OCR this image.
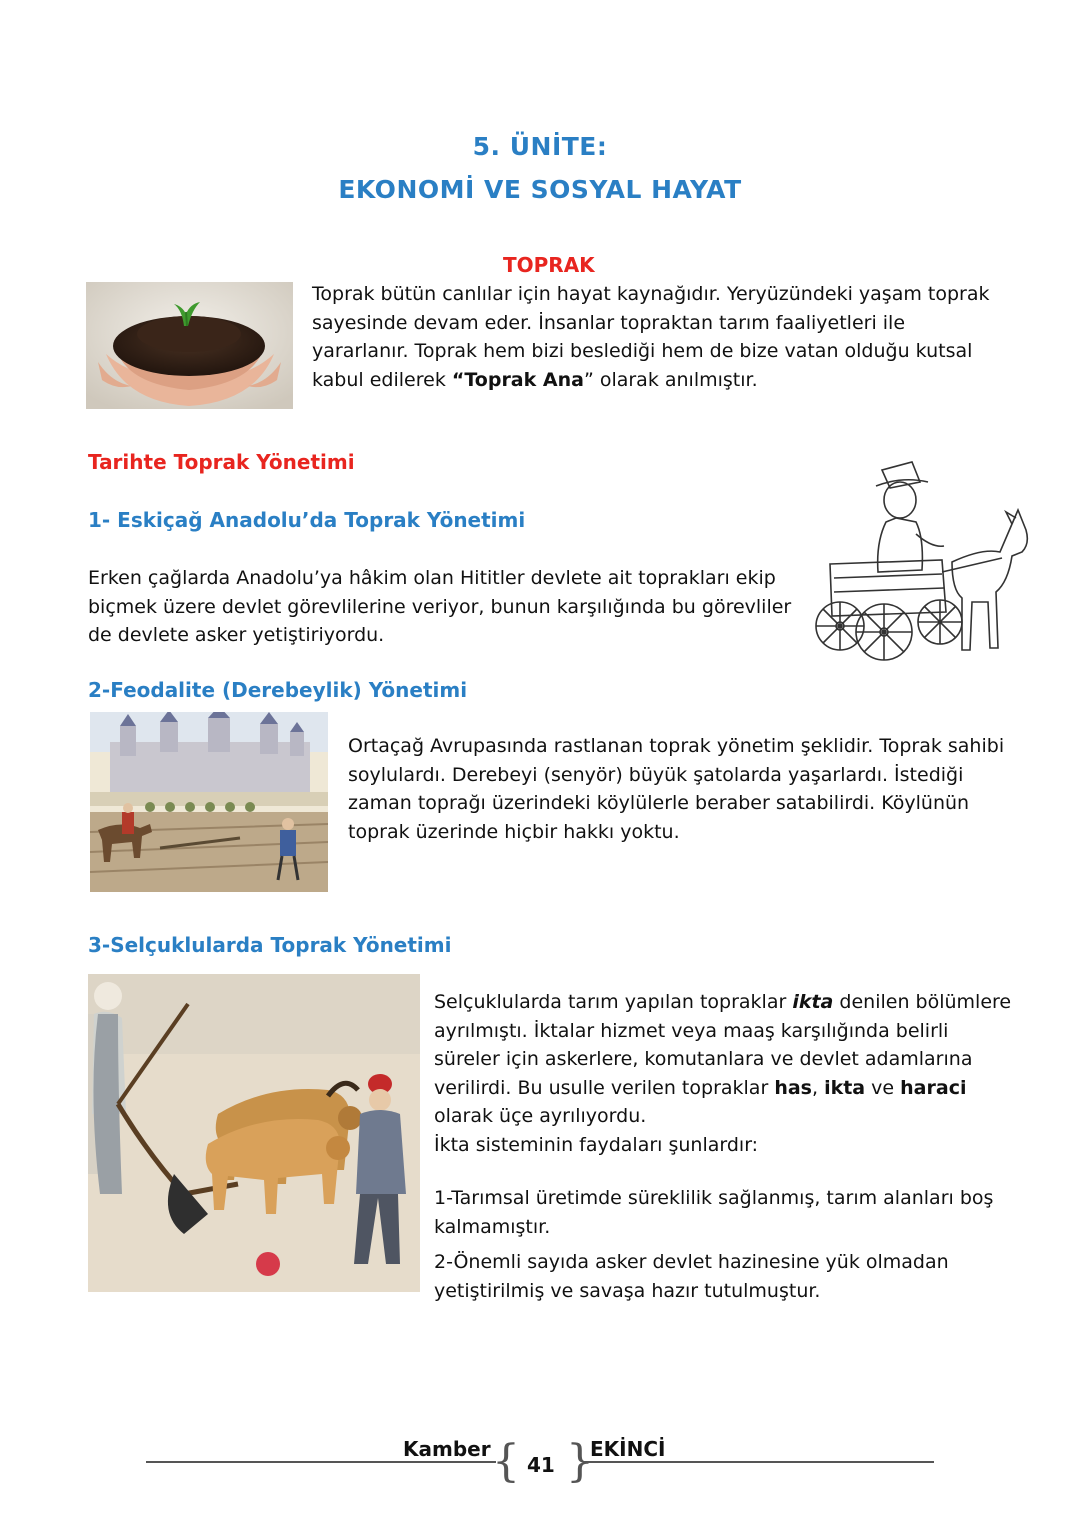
5. ÜNİTE:
EKONOMİ VE SOSYAL HAYAT
TOPRAK
Toprak bütün canlılar için hayat kaynağıdır. Yeryüzündeki yaşam toprak sayesinde devam eder. İnsanlar topraktan tarım faaliyetleri ile yararlanır. Toprak hem bizi beslediği hem de bize vatan olduğu kutsal kabul edilerek “Toprak Ana” olarak anılmıştır.
Tarihte Toprak Yönetimi
1- Eskiçağ Anadolu’da Toprak Yönetimi
Erken çağlarda Anadolu’ya hâkim olan Hititler devlete ait toprakları ekip biçmek üzere devlet görevlilerine veriyor, bunun karşılığında bu görevliler de devlete asker yetiştiriyordu.
2-Feodalite (Derebeylik) Yönetimi
Ortaçağ Avrupasında rastlanan toprak yönetim şeklidir. Toprak sahibi soylulardı. Derebeyi (senyör) büyük şatolarda yaşarlardı. İstediği zaman toprağı üzerindeki köylülerle beraber satabilirdi. Köylünün toprak üzerinde hiçbir hakkı yoktu.
3-Selçuklularda Toprak Yönetimi
Selçuklularda tarım yapılan topraklar ikta denilen bölümlere ayrılmıştı. İktalar hizmet veya maaş karşılığında belirli süreler için askerlere, komutanlara ve devlet adamlarına verilirdi. Bu usulle verilen topraklar has, ikta ve haraci olarak üçe ayrılıyordu.
İkta sisteminin faydaları şunlardır:
1-Tarımsal üretimde süreklilik sağlanmış, tarım alanları boş kalmamıştır.
2-Önemli sayıda asker devlet hazinesine yük olmadan yetiştirilmiş ve savaşa hazır tutulmuştur.
Kamber { 41 }
EKİNCİ
